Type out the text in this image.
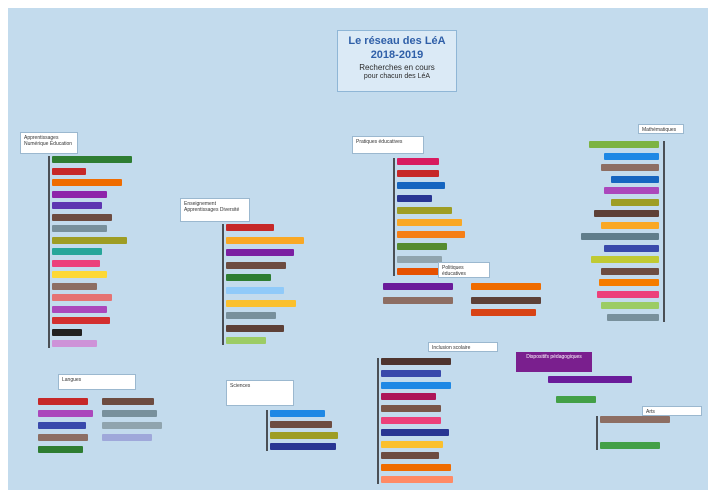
Le réseau des LéA
2018-2019
Recherches en cours
pour chacun des LéA
Dispositifs pédagogiques
Apprentissages Numérique Éducation
Enseignement Apprentissages Diversité
Pratiques éducatives
Politiques éducatives
Inclusion scolaire
Mathématiques
Langues
Sciences
Arts
